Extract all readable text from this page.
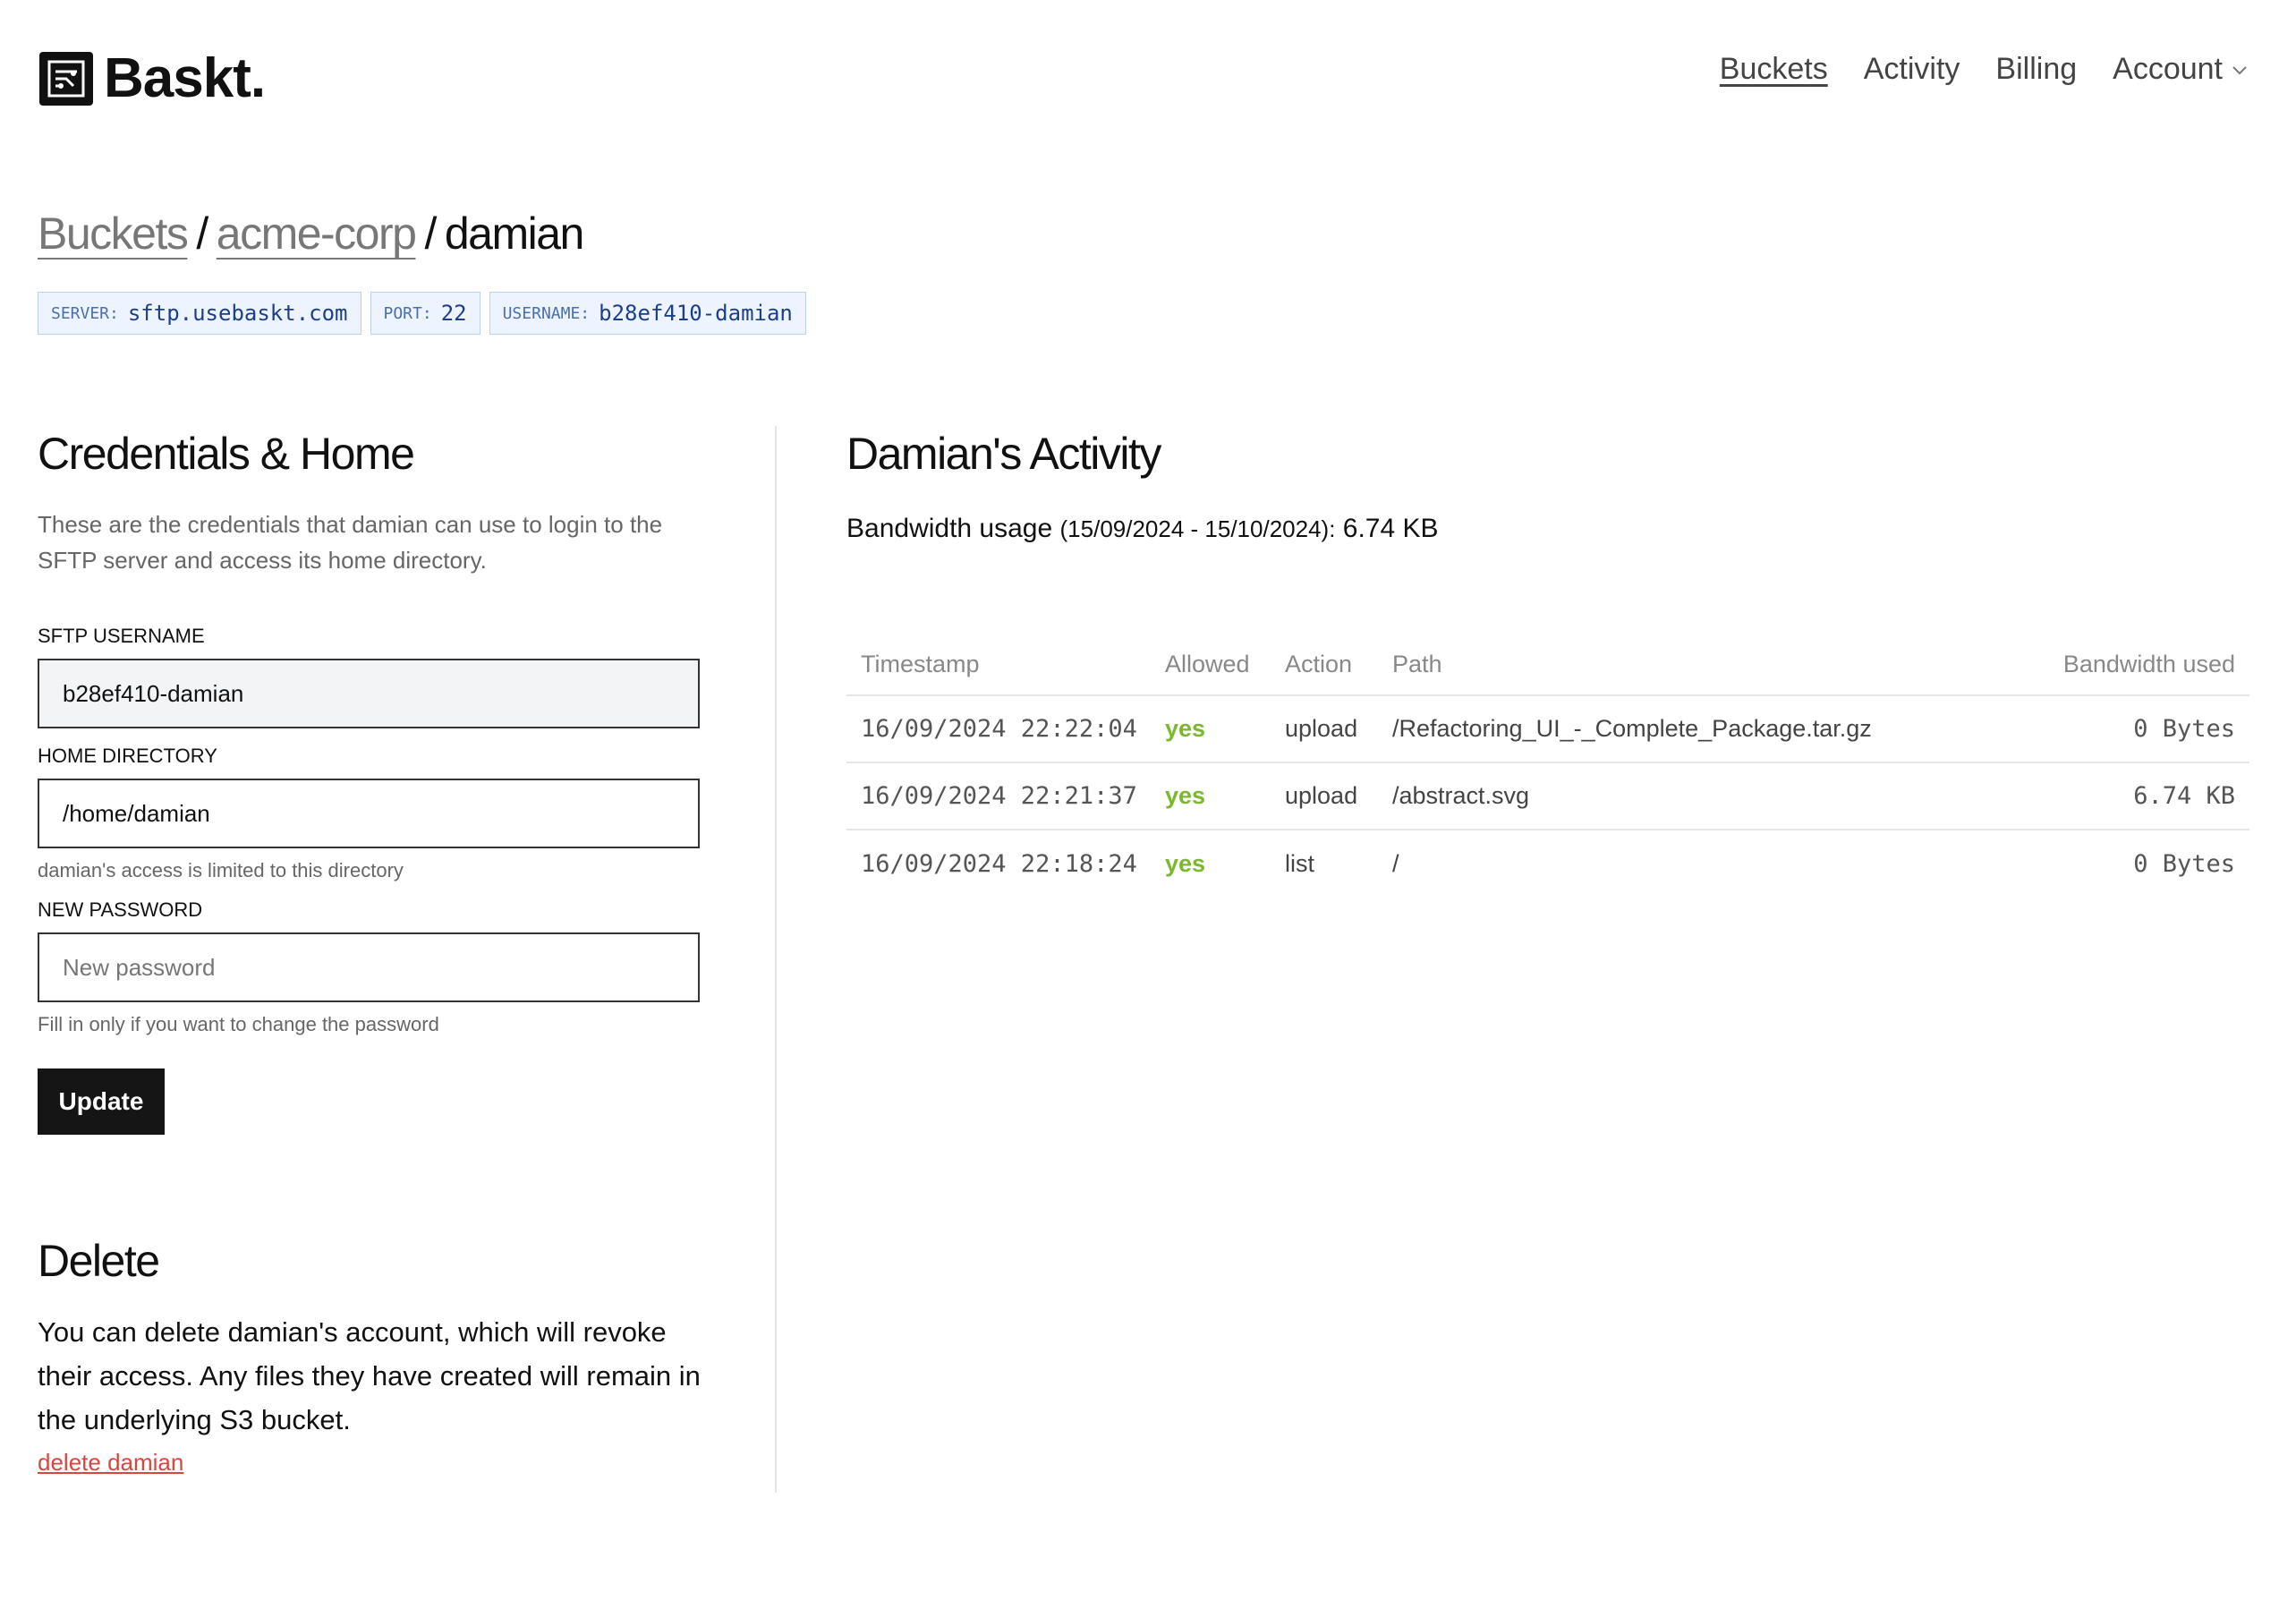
Baskt.	Buckets Activity Billing Account
Buckets / acme-corp / damian
SERVER: sftp.usebaskt.com PORT: 22 USERNAME: b28ef410-damian
Credentials & Home
These are the credentials that damian can use to login to the SFTP server and access its home directory.
SFTP USERNAME
b28ef410-damian
HOME DIRECTORY
/home/damian
damian's access is limited to this directory
NEW PASSWORD
Fill in only if you want to change the password
Update
Delete
You can delete damian's account, which will revoke their access. Any files they have created will remain in the underlying S3 bucket.
delete damian
Damian's Activity
Bandwidth usage (15/09/2024 - 15/10/2024): 6.74 KB
Timestamp	Allowed	Action	Path	Bandwidth used
16/09/2024 22:22:04	yes	upload	/Refactoring_UI_-_Complete_Package.tar.gz	0 Bytes
16/09/2024 22:21:37	yes	upload	/abstract.svg	6.74 KB
16/09/2024 22:18:24	yes	list	/	0 Bytes
